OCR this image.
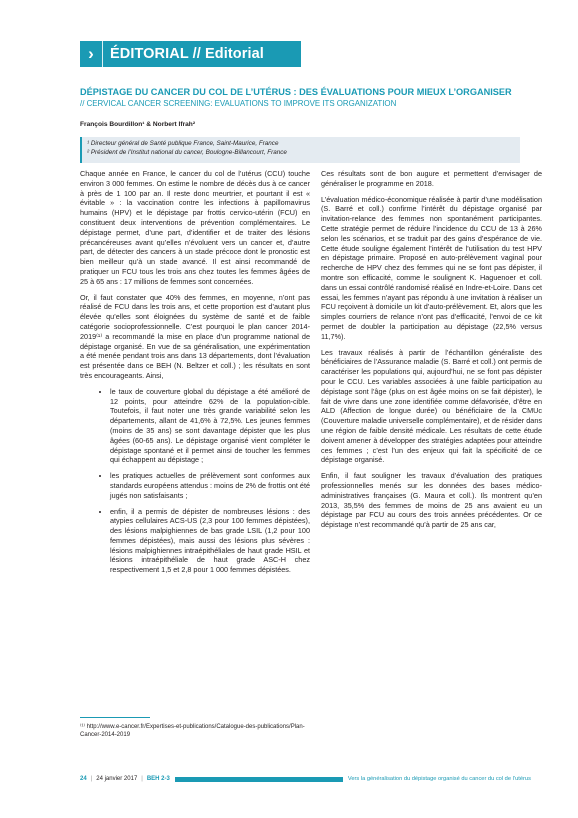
›	ÉDITORIAL // Editorial
DÉPISTAGE DU CANCER DU COL DE L’UTÉRUS : DES ÉVALUATIONS POUR MIEUX L’ORGANISER
// CERVICAL CANCER SCREENING: EVALUATIONS TO IMPROVE ITS ORGANIZATION
François Bourdillon¹ & Norbert Ifrah²
¹ Directeur général de Santé publique France, Saint-Maurice, France
² Président de l’Institut national du cancer, Boulogne-Billancourt, France

Chaque année en France, le cancer du col de l’utérus (CCU) touche environ 3 000 femmes. On estime le nombre de décès dus à ce cancer à près de 1 100 par an. Il reste donc meurtrier, et pourtant il est « évitable » : la vaccination contre les infections à papillomavirus humains (HPV) et le dépistage par frottis cervico-utérin (FCU) en constituent deux interventions de prévention complémentaires. Le dépistage permet, d’une part, d’identifier et de traiter des lésions précancéreuses avant qu’elles n’évoluent vers un cancer et, d’autre part, de détecter des cancers à un stade précoce dont le pronostic est bien meilleur qu’à un stade avancé. Il est ainsi recommandé de pratiquer un FCU tous les trois ans chez toutes les femmes âgées de 25 à 65 ans : 17 millions de femmes sont concernées.

Or, il faut constater que 40% des femmes, en moyenne, n’ont pas réalisé de FCU dans les trois ans, et cette proportion est d’autant plus élevée qu’elles sont éloignées du système de santé et de faible catégorie socioprofessionnelle. C’est pourquoi le plan cancer 2014-2019⁽¹⁾ a recommandé la mise en place d’un programme national de dépistage organisé. En vue de sa généralisation, une expérimentation a été menée pendant trois ans dans 13 départements, dont l’évaluation est présentée dans ce BEH (N. Beltzer et coll.) ; les résultats en sont très encourageants. Ainsi,

• le taux de couverture global du dépistage a été amélioré de 12 points, pour atteindre 62% de la population-cible. Toutefois, il faut noter une très grande variabilité selon les départements, allant de 41,6% à 72,5%. Les jeunes femmes (moins de 35 ans) se sont davantage dépister que les plus âgées (60-65 ans). Le dépistage organisé vient compléter le dépistage spontané et il permet ainsi de toucher les femmes qui échappent au dépistage ;
• les pratiques actuelles de prélèvement sont conformes aux standards européens attendus : moins de 2% de frottis ont été jugés non satisfaisants ;
• enfin, il a permis de dépister de nombreuses lésions : des atypies cellulaires ACS-US (2,3 pour 100 femmes dépistées), des lésions malpighiennes de bas grade LSIL (1,2 pour 100 femmes dépistées), mais aussi des lésions plus sévères : lésions malpighiennes intraépithéliales de haut grade HSIL et lésions intraépithéliale de haut grade ASC-H chez respectivement 1,5 et 2,8 pour 1 000 femmes dépistées.

Ces résultats sont de bon augure et permettent d’envisager de généraliser le programme en 2018.

L’évaluation médico-économique réalisée à partir d’une modélisation (S. Barré et coll.) confirme l’intérêt du dépistage organisé par invitation-relance des femmes non spontanément participantes. Cette stratégie permet de réduire l’incidence du CCU de 13 à 26% selon les scénarios, et se traduit par des gains d’espérance de vie. Cette étude souligne également l’intérêt de l’utilisation du test HPV en dépistage primaire. Proposé en auto-prélèvement vaginal pour recherche de HPV chez des femmes qui ne se font pas dépister, il montre son efficacité, comme le soulignent K. Haguenoer et coll. dans un essai contrôlé randomisé réalisé en Indre-et-Loire. Dans cet essai, les femmes n’ayant pas répondu à une invitation à réaliser un FCU reçoivent à domicile un kit d’auto-prélèvement. Et, alors que les simples courriers de relance n’ont pas d’efficacité, l’envoi de ce kit permet de doubler la participation au dépistage (22,5% versus 11,7%).

Les travaux réalisés à partir de l’échantillon généraliste des bénéficiaires de l’Assurance maladie (S. Barré et coll.) ont permis de caractériser les populations qui, aujourd’hui, ne se font pas dépister pour le CCU. Les variables associées à une faible participation au dépistage sont l’âge (plus on est âgée moins on se fait dépister), le fait de vivre dans une zone identifiée comme défavorisée, d’être en ALD (Affection de longue durée) ou bénéficiaire de la CMUc (Couverture maladie universelle complémentaire), et de résider dans une région de faible densité médicale. Les résultats de cette étude doivent amener à développer des stratégies adaptées pour atteindre ces femmes ; c’est l’un des enjeux qui fait la spécificité de ce dépistage organisé.

Enfin, il faut souligner les travaux d’évaluation des pratiques professionnelles menés sur les données des bases médico-administratives françaises (G. Maura et coll.). Ils montrent qu’en 2013, 35,5% des femmes de moins de 25 ans avaient eu un dépistage par FCU au cours des trois années précédentes. Or ce dépistage n’est recommandé qu’à partir de 25 ans car,

⁽¹⁾ http://www.e-cancer.fr/Expertises-et-publications/Catalogue-des-publications/Plan-Cancer-2014-2019
24 | 24 janvier 2017 | BEH 2-3	Vers la généralisation du dépistage organisé du cancer du col de l’utérus
